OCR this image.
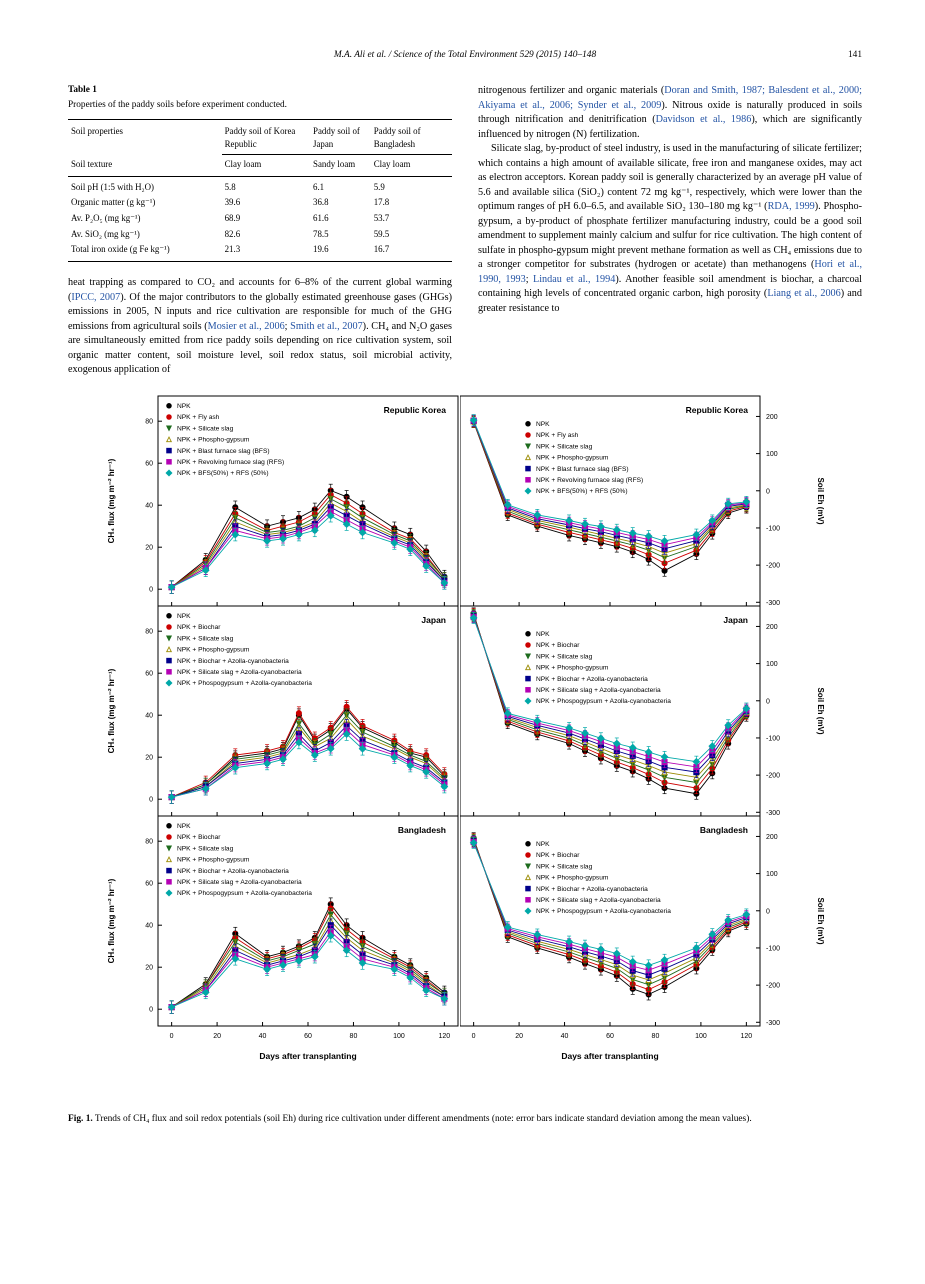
M.A. Ali et al. / Science of the Total Environment 529 (2015) 140–148	141
Table 1
Properties of the paddy soils before experiment conducted.
Soil properties	Paddy soil of Korea Republic	Paddy soil of Japan	Paddy soil of Bangladesh
Soil texture	Clay loam	Sandy loam	Clay loam
Soil pH (1:5 with H₂O)	5.8	6.1	5.9
Organic matter (g kg⁻¹)	39.6	36.8	17.8
Av. P₂O₅ (mg kg⁻¹)	68.9	61.6	53.7
Av. SiO₂ (mg kg⁻¹)	82.6	78.5	59.5
Total iron oxide (g Fe kg⁻¹)	21.3	19.6	16.7

heat trapping as compared to CO₂ and accounts for 6–8% of the current global warming (IPCC, 2007). Of the major contributors to the globally estimated greenhouse gases (GHGs) emissions in 2005, N inputs and rice cultivation are responsible for much of the GHG emissions from agricultural soils (Mosier et al., 2006; Smith et al., 2007). CH₄ and N₂O gases are simultaneously emitted from rice paddy soils depending on rice cultivation system, soil organic matter content, soil moisture level, soil redox status, soil microbial activity, exogenous application of

nitrogenous fertilizer and organic materials (Doran and Smith, 1987; Balesdent et al., 2000; Akiyama et al., 2006; Synder et al., 2009). Nitrous oxide is naturally produced in soils through nitrification and denitrification (Davidson et al., 1986), which are significantly influenced by nitrogen (N) fertilization.

Silicate slag, by-product of steel industry, is used in the manufacturing of silicate fertilizer; which contains a high amount of available silicate, free iron and manganese oxides, may act as electron acceptors. Korean paddy soil is generally characterized by an average pH value of 5.6 and available silica (SiO₂) content 72 mg kg⁻¹, respectively, which were lower than the optimum ranges of pH 6.0–6.5, and available SiO₂ 130–180 mg kg⁻¹ (RDA, 1999). Phospho-gypsum, a by-product of phosphate fertilizer manufacturing industry, could be a good soil amendment to supplement mainly calcium and sulfur for rice cultivation. The high content of sulfate in phospho-gypsum might prevent methane formation as well as CH₄ emissions due to a stronger competitor for substrates (hydrogen or acetate) than methanogens (Hori et al., 1990, 1993; Lindau et al., 1994). Another feasible soil amendment is biochar, a charcoal containing high levels of concentrated organic carbon, high porosity (Liang et al., 2006) and greater resistance to

0
20
40
60
80
CH₄ flux (mg m⁻² hr⁻¹)
Republic Korea
NPK
NPK + Fly ash
NPK + Silicate slag
NPK + Phospho-gypsum
NPK + Blast furnace slag (BFS)
NPK + Revolving furnace slag (RFS)
NPK + BFS(50%) + RFS (50%)
0
20
40
60
80
CH₄ flux (mg m⁻² hr⁻¹)
Japan
NPK
NPK + Biochar
NPK + Silicate slag
NPK + Phospho-gypsum
NPK + Biochar + Azolla-cyanobacteria
NPK + Silicate slag + Azolla-cyanobacteria
NPK + Phospogypsum + Azolla-cyanobacteria
0
20
40
60
80
0	20	40	60	80	100	120
CH₄ flux (mg m⁻² hr⁻¹)
Bangladesh
NPK
NPK + Biochar
NPK + Silicate slag
NPK + Phospho-gypsum
NPK + Biochar + Azolla-cyanobacteria
NPK + Silicate slag + Azolla-cyanobacteria
NPK + Phospogypsum + Azolla-cyanobacteria
Days after transplanting
200
100
0
-100
-200
-300
Soil Eh (mV)
Republic Korea
NPK
NPK + Fly ash
NPK + Silicate slag
NPK + Phospho-gypsum
NPK + Blast furnace slag (BFS)
NPK + Revolving furnace slag (RFS)
NPK + BFS(50%) + RFS (50%)
200
100
0
-100
-200
-300
Soil Eh (mV)
Japan
NPK
NPK + Biochar
NPK + Silicate slag
NPK + Phospho-gypsum
NPK + Biochar + Azolla-cyanobacteria
NPK + Silicate slag + Azolla-cyanobacteria
NPK + Phospogypsum + Azolla-cyanobacteria
200
100
0
-100
-200
-300
0	20	40	60	80	100	120
Soil Eh (mV)
Bangladesh
NPK
NPK + Biochar
NPK + Silicate slag
NPK + Phospho-gypsum
NPK + Biochar + Azolla-cyanobacteria
NPK + Silicate slag + Azolla-cyanobacteria
NPK + Phospogypsum + Azolla-cyanobacteria
Days after transplanting
Fig. 1. Trends of CH₄ flux and soil redox potentials (soil Eh) during rice cultivation under different amendments (note: error bars indicate standard deviation among the mean values).
